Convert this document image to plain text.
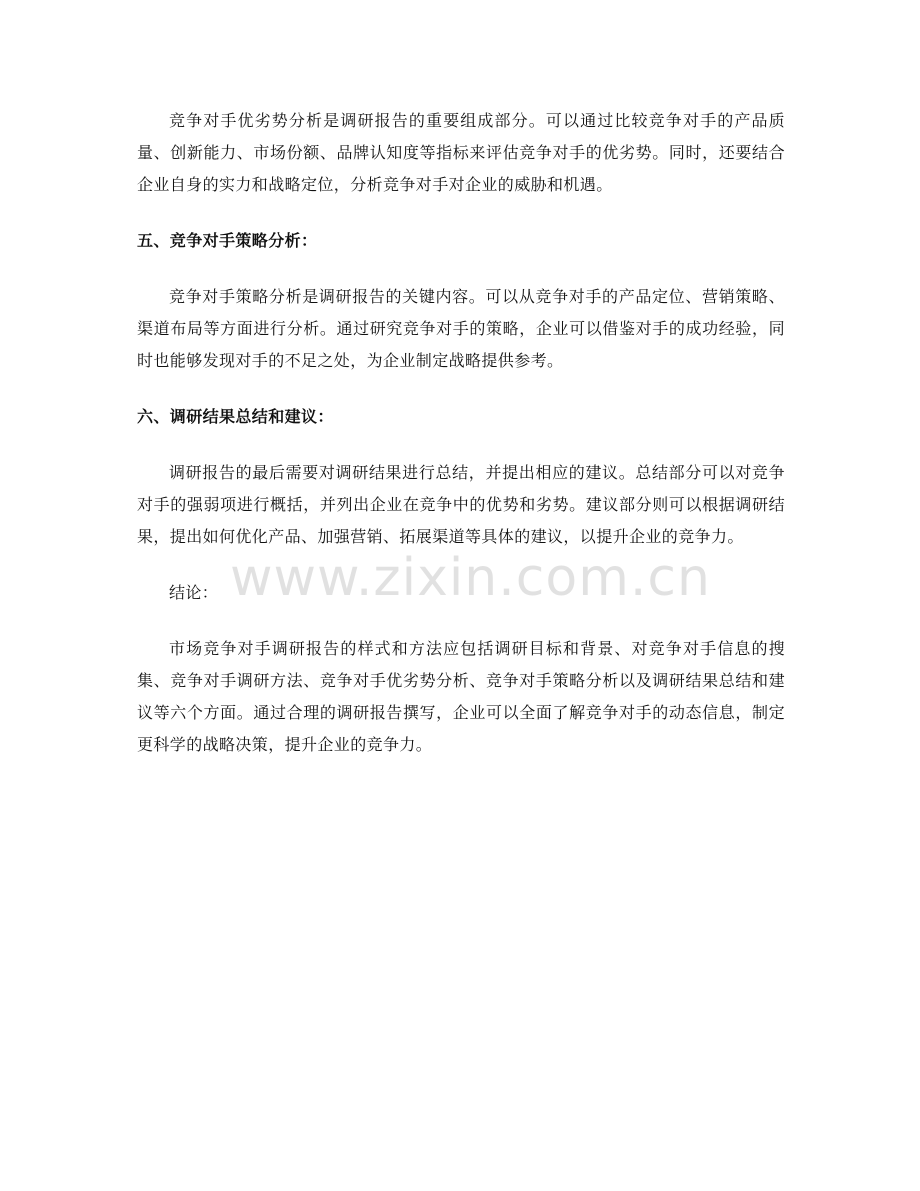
竞争对手优劣势分析是调研报告的重要组成部分。可以通过比较竞争对手的产品质量、创新能力、市场份额、品牌认知度等指标来评估竞争对手的优劣势。同时，还要结合企业自身的实力和战略定位，分析竞争对手对企业的威胁和机遇。

五、竞争对手策略分析：

竞争对手策略分析是调研报告的关键内容。可以从竞争对手的产品定位、营销策略、渠道布局等方面进行分析。通过研究竞争对手的策略，企业可以借鉴对手的成功经验，同时也能够发现对手的不足之处，为企业制定战略提供参考。

六、调研结果总结和建议：

调研报告的最后需要对调研结果进行总结，并提出相应的建议。总结部分可以对竞争对手的强弱项进行概括，并列出企业在竞争中的优势和劣势。建议部分则可以根据调研结果，提出如何优化产品、加强营销、拓展渠道等具体的建议，以提升企业的竞争力。

结论：

市场竞争对手调研报告的样式和方法应包括调研目标和背景、对竞争对手信息的搜集、竞争对手调研方法、竞争对手优劣势分析、竞争对手策略分析以及调研结果总结和建议等六个方面。通过合理的调研报告撰写，企业可以全面了解竞争对手的动态信息，制定更科学的战略决策，提升企业的竞争力。

www.zixin.com.cn
